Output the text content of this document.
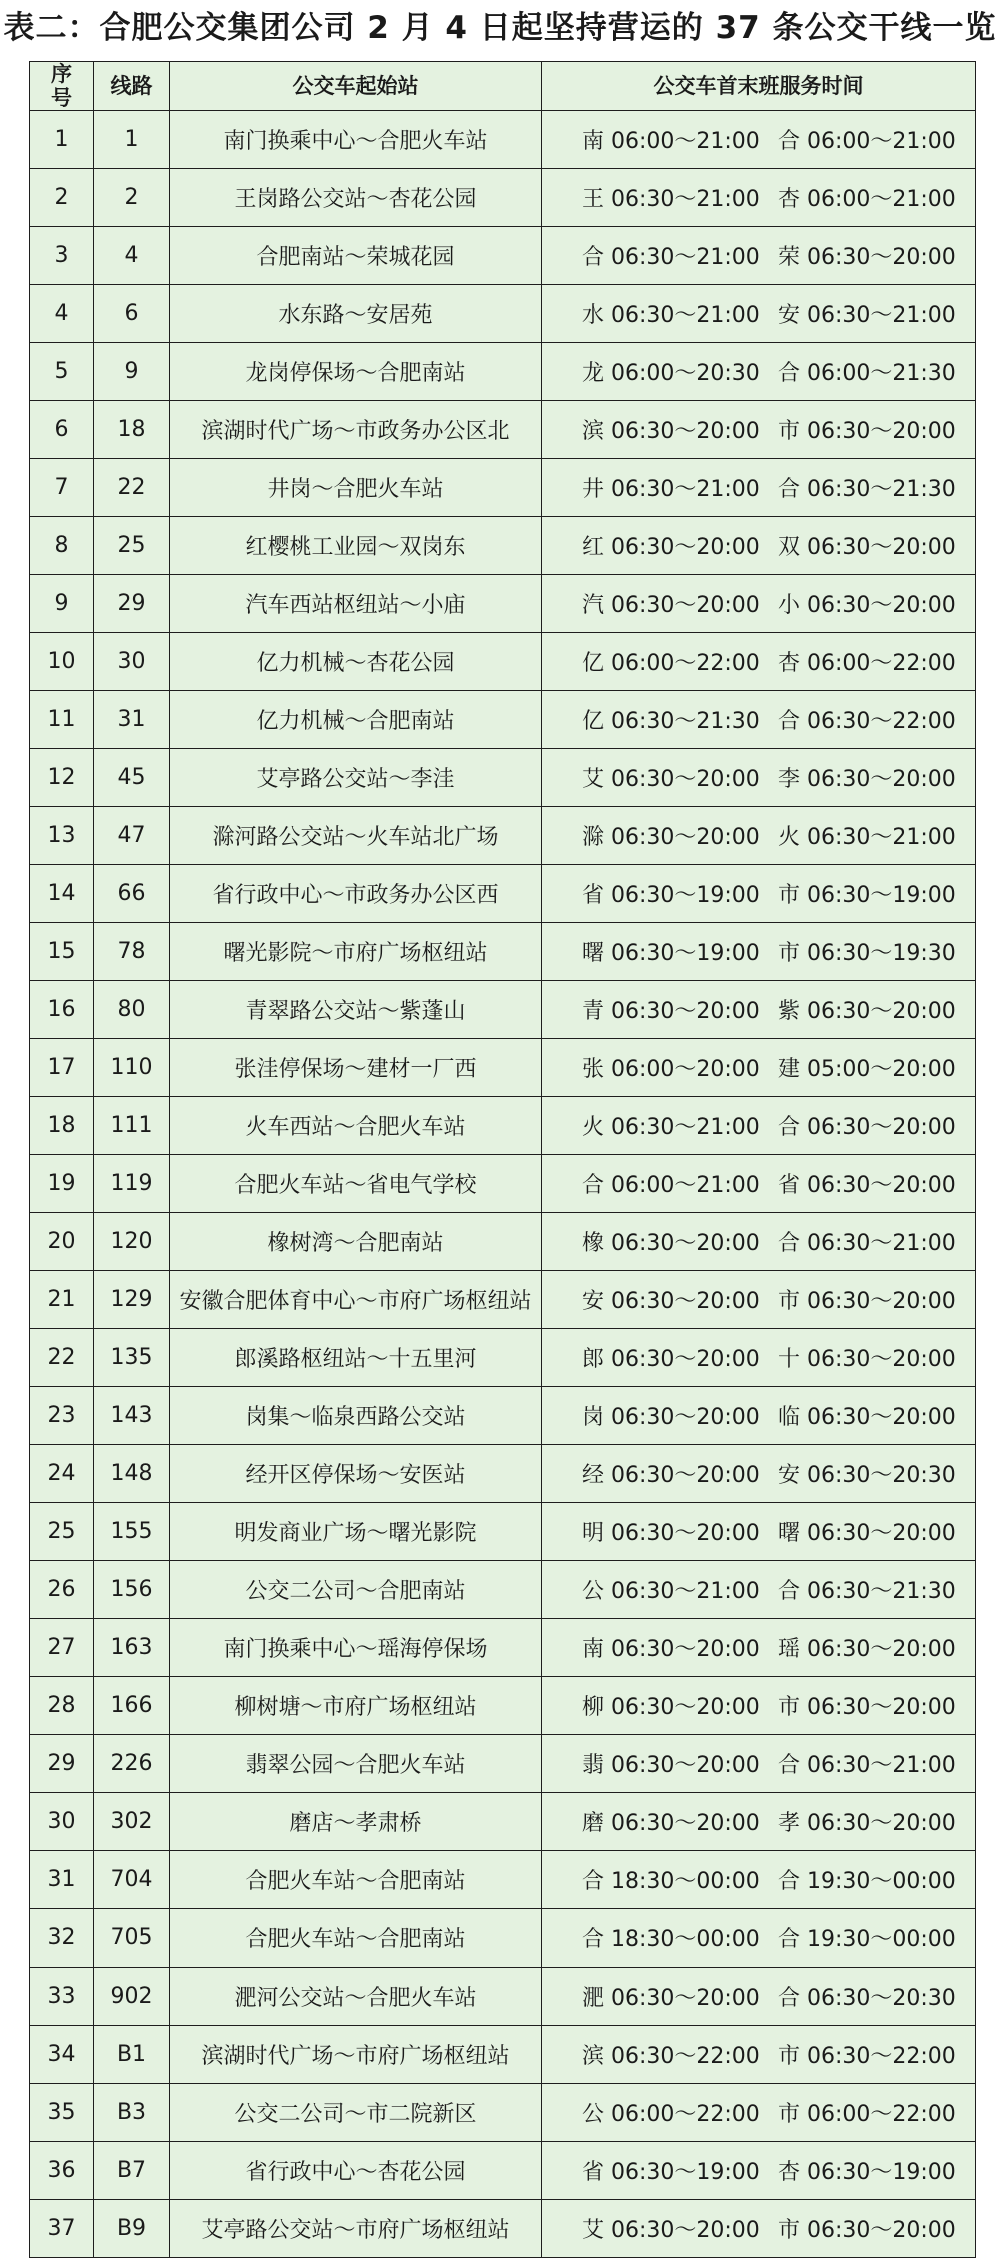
表二：合肥公交集团公司 2 月 4 日起坚持营运的 37 条公交干线一览
序号	线路	公交车起始站	公交车首末班服务时间
1	1	南门换乘中心～合肥火车站	南 06:00～21:00 合 06:00～21:00
2	2	王岗路公交站～杏花公园	王 06:30～21:00 杏 06:00～21:00
3	4	合肥南站～荣城花园	合 06:30～21:00 荣 06:30～20:00
4	6	水东路～安居苑	水 06:30～21:00 安 06:30～21:00
5	9	龙岗停保场～合肥南站	龙 06:00～20:30 合 06:00～21:30
6	18	滨湖时代广场～市政务办公区北	滨 06:30～20:00 市 06:30～20:00
7	22	井岗～合肥火车站	井 06:30～21:00 合 06:30～21:30
8	25	红樱桃工业园～双岗东	红 06:30～20:00 双 06:30～20:00
9	29	汽车西站枢纽站～小庙	汽 06:30～20:00 小 06:30～20:00
10	30	亿力机械～杏花公园	亿 06:00～22:00 杏 06:00～22:00
11	31	亿力机械～合肥南站	亿 06:30～21:30 合 06:30～22:00
12	45	艾亭路公交站～李洼	艾 06:30～20:00 李 06:30～20:00
13	47	滁河路公交站～火车站北广场	滁 06:30～20:00 火 06:30～21:00
14	66	省行政中心～市政务办公区西	省 06:30～19:00 市 06:30～19:00
15	78	曙光影院～市府广场枢纽站	曙 06:30～19:00 市 06:30～19:30
16	80	青翠路公交站～紫蓬山	青 06:30～20:00 紫 06:30～20:00
17	110	张洼停保场～建材一厂西	张 06:00～20:00 建 05:00～20:00
18	111	火车西站～合肥火车站	火 06:30～21:00 合 06:30～20:00
19	119	合肥火车站～省电气学校	合 06:00～21:00 省 06:30～20:00
20	120	橡树湾～合肥南站	橡 06:30～20:00 合 06:30～21:00
21	129	安徽合肥体育中心～市府广场枢纽站	安 06:30～20:00 市 06:30～20:00
22	135	郎溪路枢纽站～十五里河	郎 06:30～20:00 十 06:30～20:00
23	143	岗集～临泉西路公交站	岗 06:30～20:00 临 06:30～20:00
24	148	经开区停保场～安医站	经 06:30～20:00 安 06:30～20:30
25	155	明发商业广场～曙光影院	明 06:30～20:00 曙 06:30～20:00
26	156	公交二公司～合肥南站	公 06:30～21:00 合 06:30～21:30
27	163	南门换乘中心～瑶海停保场	南 06:30～20:00 瑶 06:30～20:00
28	166	柳树塘～市府广场枢纽站	柳 06:30～20:00 市 06:30～20:00
29	226	翡翠公园～合肥火车站	翡 06:30～20:00 合 06:30～21:00
30	302	磨店～孝肃桥	磨 06:30～20:00 孝 06:30～20:00
31	704	合肥火车站～合肥南站	合 18:30～00:00 合 19:30～00:00
32	705	合肥火车站～合肥南站	合 18:30～00:00 合 19:30～00:00
33	902	淝河公交站～合肥火车站	淝 06:30～20:00 合 06:30～20:30
34	B1	滨湖时代广场～市府广场枢纽站	滨 06:30～22:00 市 06:30～22:00
35	B3	公交二公司～市二院新区	公 06:00～22:00 市 06:00～22:00
36	B7	省行政中心～杏花公园	省 06:30～19:00 杏 06:30～19:00
37	B9	艾亭路公交站～市府广场枢纽站	艾 06:30～20:00 市 06:30～20:00
